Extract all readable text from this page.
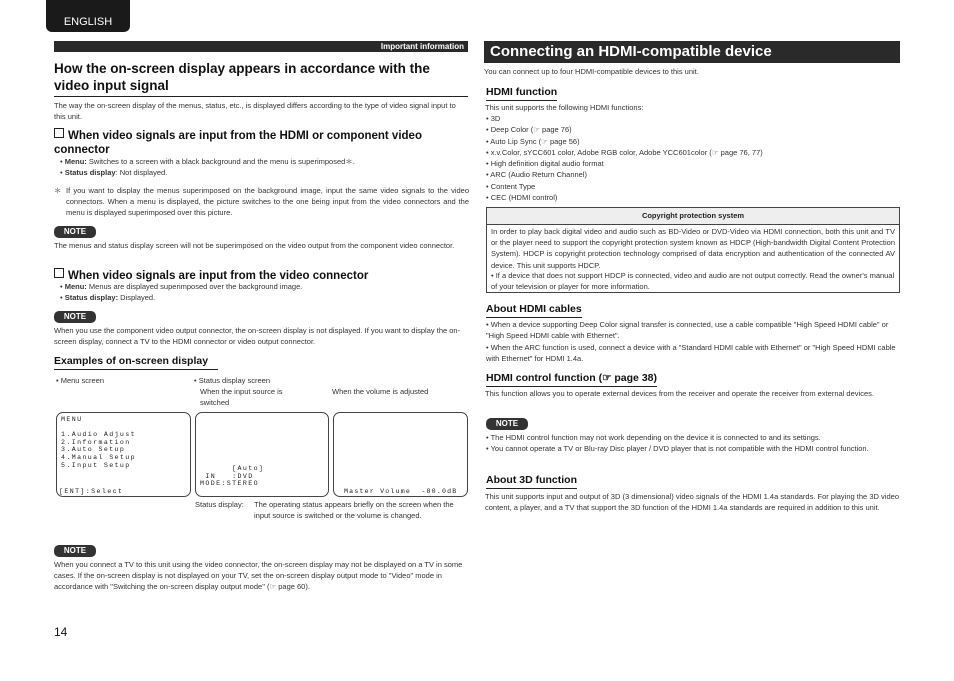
ENGLISH
Important information
How the on-screen display appears in accordance with the video input signal
The way the on-screen display of the menus, status, etc., is displayed differs according to the type of video signal input to this unit.
When video signals are input from the HDMI or component video connector
• Menu: Switches to a screen with a black background and the menu is superimposed＊.
• Status display: Not displayed.
＊ If you want to display the menus superimposed on the background image, input the same video signals to the video connectors. When a menu is displayed, the picture switches to the one being input from the video connectors and the menu is displayed superimposed over this picture.
NOTE
The menus and status display screen will not be superimposed on the video output from the component video connector.
When video signals are input from the video connector
• Menu: Menus are displayed superimposed over the background image.
• Status display: Displayed.
NOTE
When you use the component video output connector, the on-screen display is not displayed. If you want to display the on-screen display, connect a TV to the HDMI connector or video output connector.
Examples of on-screen display
• Menu screen	• Status display screen
When the input source is switched
When the volume is adjusted
MENU

1.Audio Adjust
2.Information
3.Auto Setup
4.Manual Setup
5.Input Setup
[ENT]:Select
[Auto]
IN   :DVD
MODE:STEREO
Master Volume  -80.0dB
Status display: The operating status appears briefly on the screen when the input source is switched or the volume is changed.
NOTE
When you connect a TV to this unit using the video connector, the on-screen display may not be displayed on a TV in some cases. If the on-screen display is not displayed on your TV, set the on-screen display output mode to "Video" mode in accordance with "Switching the on-screen display output mode" (☞ page 60).
14
Connecting an HDMI-compatible device
You can connect up to four HDMI-compatible devices to this unit.
HDMI function
This unit supports the following HDMI functions:
• 3D
• Deep Color (☞ page 76)
• Auto Lip Sync (☞ page 56)
• x.v.Color, sYCC601 color, Adobe RGB color, Adobe YCC601color (☞ page 76, 77)
• High definition digital audio format
• ARC (Audio Return Channel)
• Content Type
• CEC (HDMI control)
Copyright protection system
In order to play back digital video and audio such as BD-Video or DVD-Video via HDMI connection, both this unit and TV or the player need to support the copyright protection system known as HDCP (High-bandwidth Digital Content Protection System). HDCP is copyright protection technology comprised of data encryption and authentication of the connected AV device. This unit supports HDCP.
• If a device that does not support HDCP is connected, video and audio are not output correctly. Read the owner's manual of your television or player for more information.
About HDMI cables
• When a device supporting Deep Color signal transfer is connected, use a cable compatible "High Speed HDMI cable" or "High Speed HDMI cable with Ethernet".
• When the ARC function is used, connect a device with a "Standard HDMI cable with Ethernet" or "High Speed HDMI cable with Ethernet" for HDMI 1.4a.
HDMI control function (☞ page 38)
This function allows you to operate external devices from the receiver and operate the receiver from external devices.
NOTE
• The HDMI control function may not work depending on the device it is connected to and its settings.
• You cannot operate a TV or Blu-ray Disc player / DVD player that is not compatible with the HDMI control function.
About 3D function
This unit supports input and output of 3D (3 dimensional) video signals of the HDMI 1.4a standards. For playing the 3D video content, a player, and a TV that support the 3D function of the HDMI 1.4a standards are required in addition to this unit.
